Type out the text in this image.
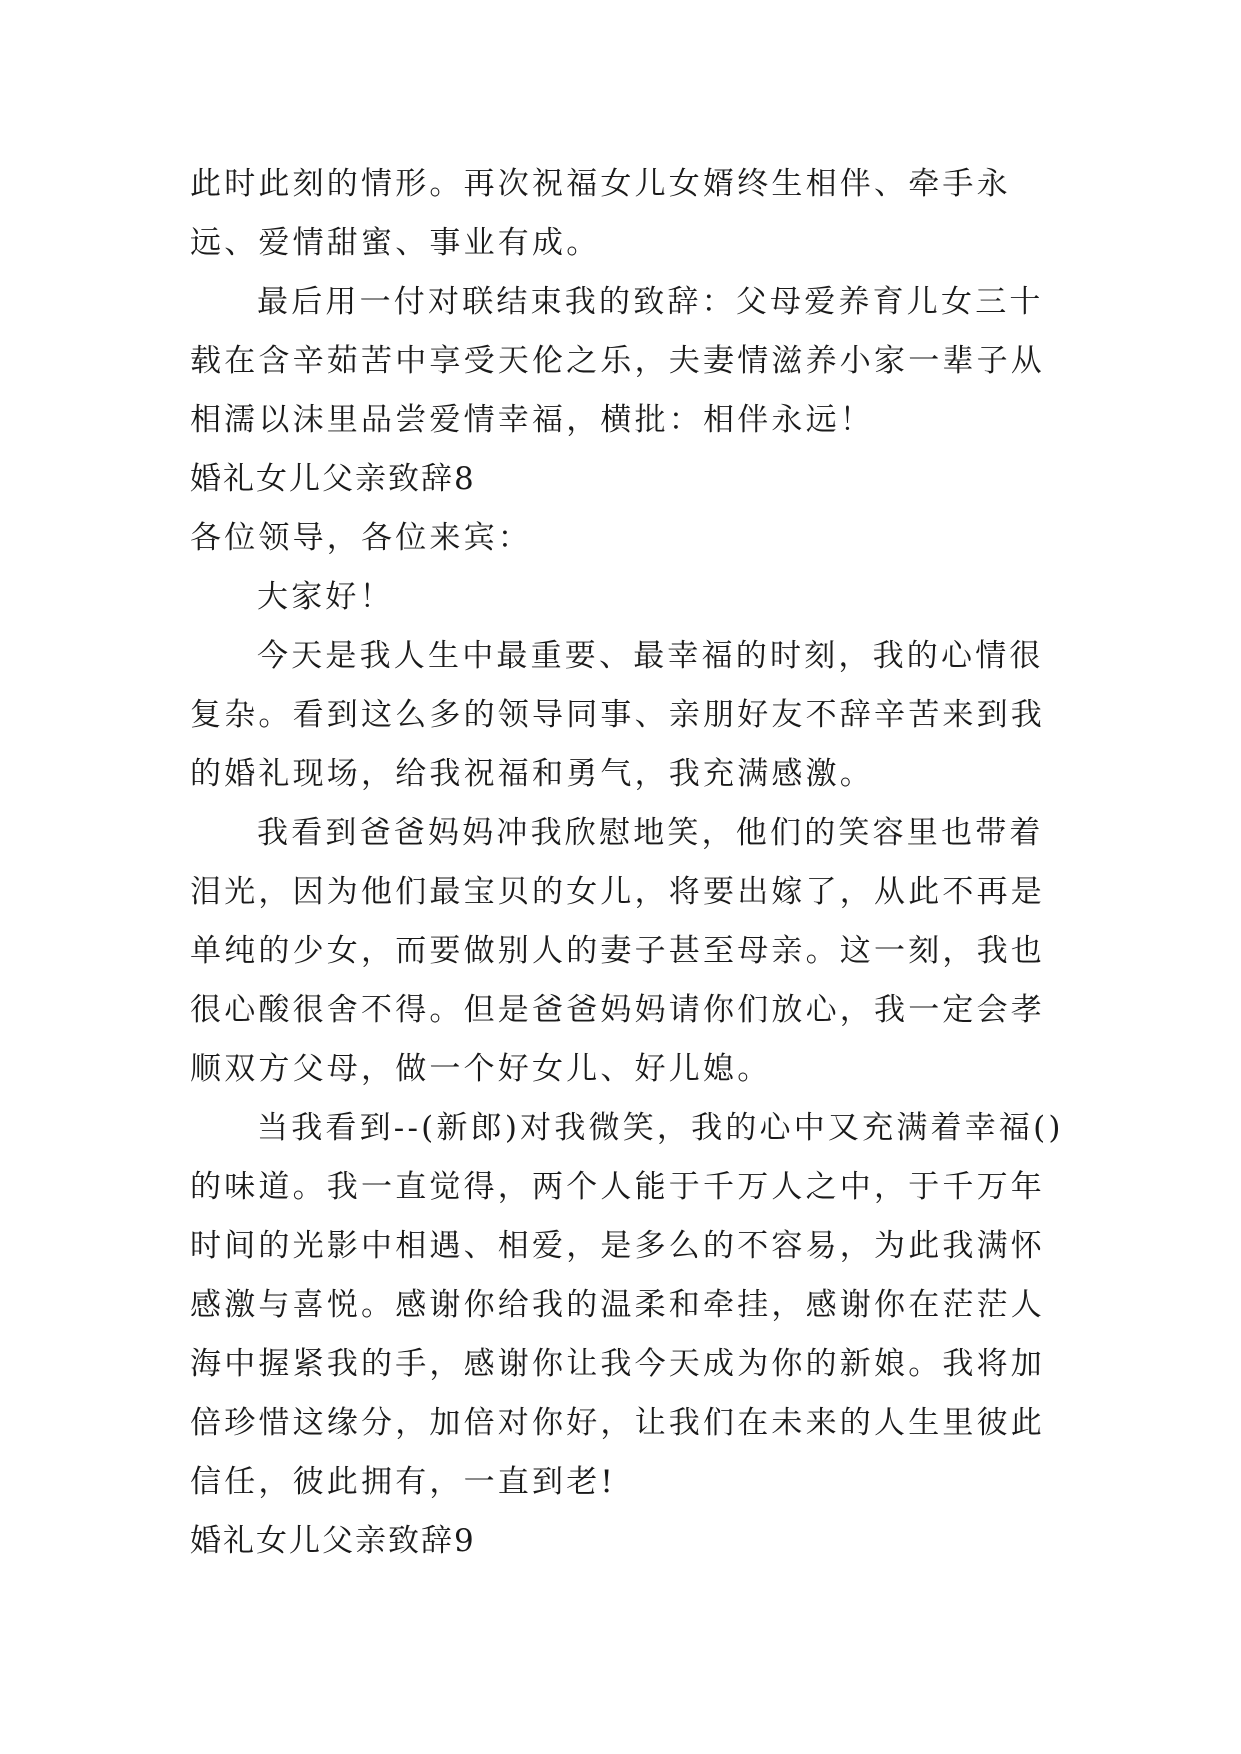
此时此刻的情形。再次祝福女儿女婿终生相伴、牵手永远、爱情甜蜜、事业有成。

最后用一付对联结束我的致辞：父母爱养育儿女三十载在含辛茹苦中享受天伦之乐，夫妻情滋养小家一辈子从相濡以沫里品尝爱情幸福，横批：相伴永远！

婚礼女儿父亲致辞8

各位领导，各位来宾：

大家好！

今天是我人生中最重要、最幸福的时刻，我的心情很复杂。看到这么多的领导同事、亲朋好友不辞辛苦来到我的婚礼现场，给我祝福和勇气，我充满感激。

我看到爸爸妈妈冲我欣慰地笑，他们的笑容里也带着泪光，因为他们最宝贝的女儿，将要出嫁了，从此不再是单纯的少女，而要做别人的妻子甚至母亲。这一刻，我也很心酸很舍不得。但是爸爸妈妈请你们放心，我一定会孝顺双方父母，做一个好女儿、好儿媳。

当我看到--(新郎)对我微笑，我的心中又充满着幸福()的味道。我一直觉得，两个人能于千万人之中，于千万年时间的光影中相遇、相爱，是多么的不容易，为此我满怀感激与喜悦。感谢你给我的温柔和牵挂，感谢你在茫茫人海中握紧我的手，感谢你让我今天成为你的新娘。我将加倍珍惜这缘分，加倍对你好，让我们在未来的人生里彼此信任，彼此拥有，一直到老!

婚礼女儿父亲致辞9
